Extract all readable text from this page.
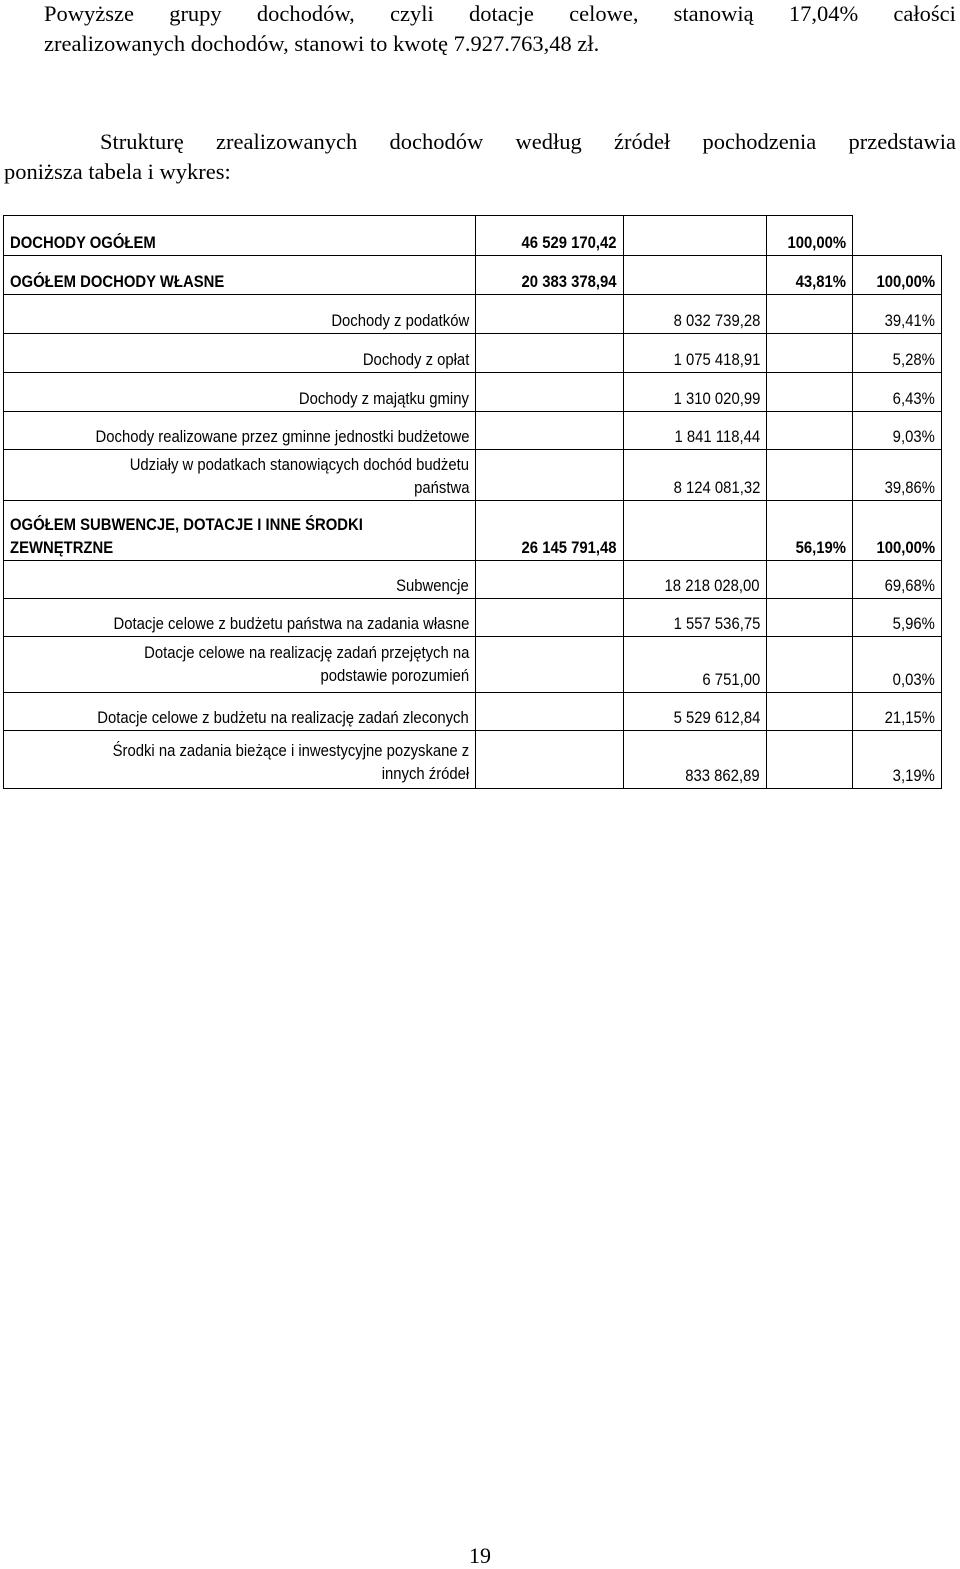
Powyższe grupy dochodów, czyli dotacje celowe, stanowią 17,04% całości
zrealizowanych dochodów, stanowi to kwotę 7.927.763,48 zł.
Strukturę zrealizowanych dochodów według źródeł pochodzenia przedstawia
poniższa tabela i wykres:
DOCHODY OGÓŁEM	46 529 170,42		100,00%	
OGÓŁEM DOCHODY WŁASNE	20 383 378,94		43,81%	100,00%
Dochody z podatków		8 032 739,28		39,41%
Dochody z opłat		1 075 418,91		5,28%
Dochody z majątku gminy		1 310 020,99		6,43%
Dochody realizowane przez gminne jednostki budżetowe		1 841 118,44		9,03%

Udziały w podatkach stanowiących dochód budżetu
państwa		8 124 081,32		39,86%

OGÓŁEM SUBWENCJE, DOTACJE I INNE ŚRODKI
ZEWNĘTRZNE	26 145 791,48		56,19%	100,00%
Subwencje		18 218 028,00		69,68%
Dotacje celowe z budżetu państwa na zadania własne		1 557 536,75		5,96%

Dotacje celowe na realizację zadań przejętych na
podstawie porozumień		6 751,00		0,03%
Dotacje celowe z budżetu na realizację zadań zleconych		5 529 612,84		21,15%

Środki na zadania bieżące i inwestycyjne pozyskane z
innych źródeł		833 862,89		3,19%
19
